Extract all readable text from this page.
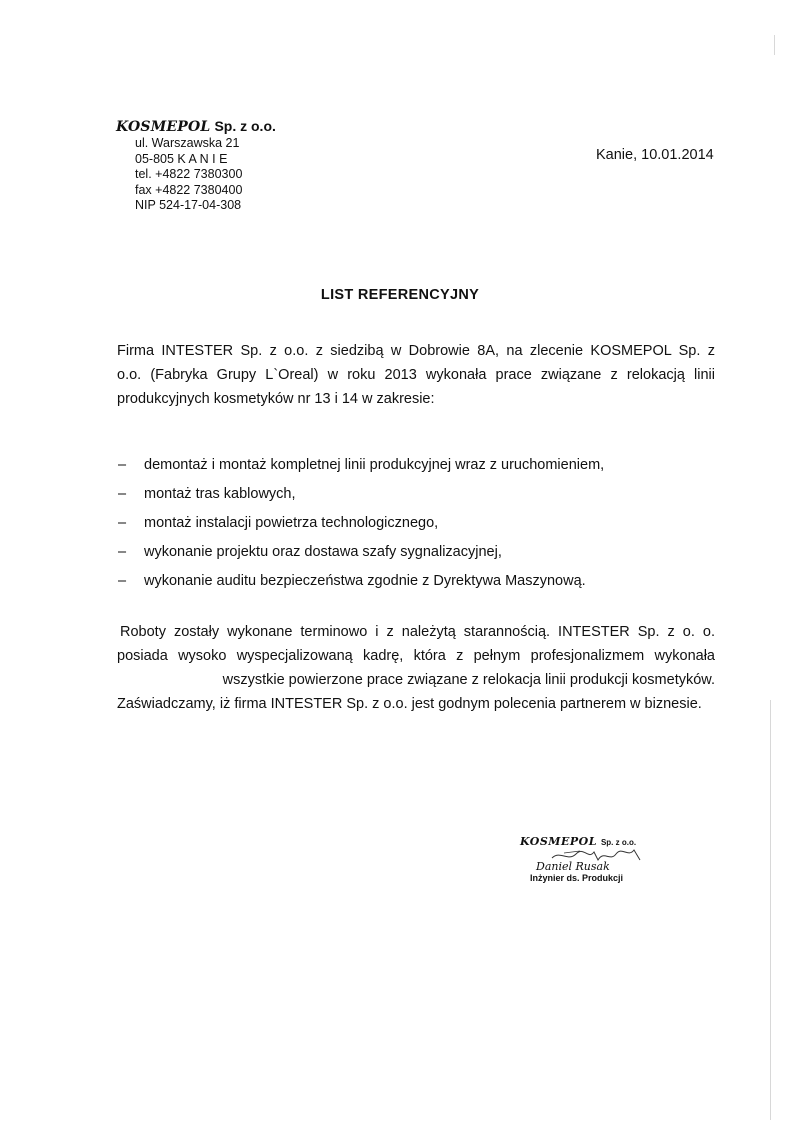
KOSMEPOL Sp. z o.o.
ul. Warszawska 21
05-805 K A N I E
tel. +4822 7380300
fax +4822 7380400
NIP 524-17-04-308
Kanie, 10.01.2014
LIST REFERENCYJNY
Firma INTESTER Sp. z o.o. z siedzibą w Dobrowie 8A, na zlecenie KOSMEPOL Sp. z
o.o. (Fabryka Grupy L`Oreal) w roku 2013 wykonała prace związane z relokacją linii
produkcyjnych kosmetyków nr 13 i 14 w zakresie:
– demontaż i montaż kompletnej linii produkcyjnej wraz z uruchomieniem,
– montaż tras kablowych,
– montaż instalacji powietrza technologicznego,
– wykonanie projektu oraz dostawa szafy sygnalizacyjnej,
– wykonanie auditu bezpieczeństwa zgodnie z Dyrektywa Maszynową.
Roboty zostały wykonane terminowo i z należytą starannością. INTESTER Sp. z o. o.
posiada wysoko wyspecjalizowaną kadrę, która z pełnym profesjonalizmem wykonała
wszystkie powierzone prace związane z relokacja linii produkcji kosmetyków.
Zaświadczamy, iż firma INTESTER Sp. z o.o. jest godnym polecenia partnerem w biznesie.
KOSMEPOL Sp. z o.o.
Daniel Rusak
Inżynier ds. Produkcji
